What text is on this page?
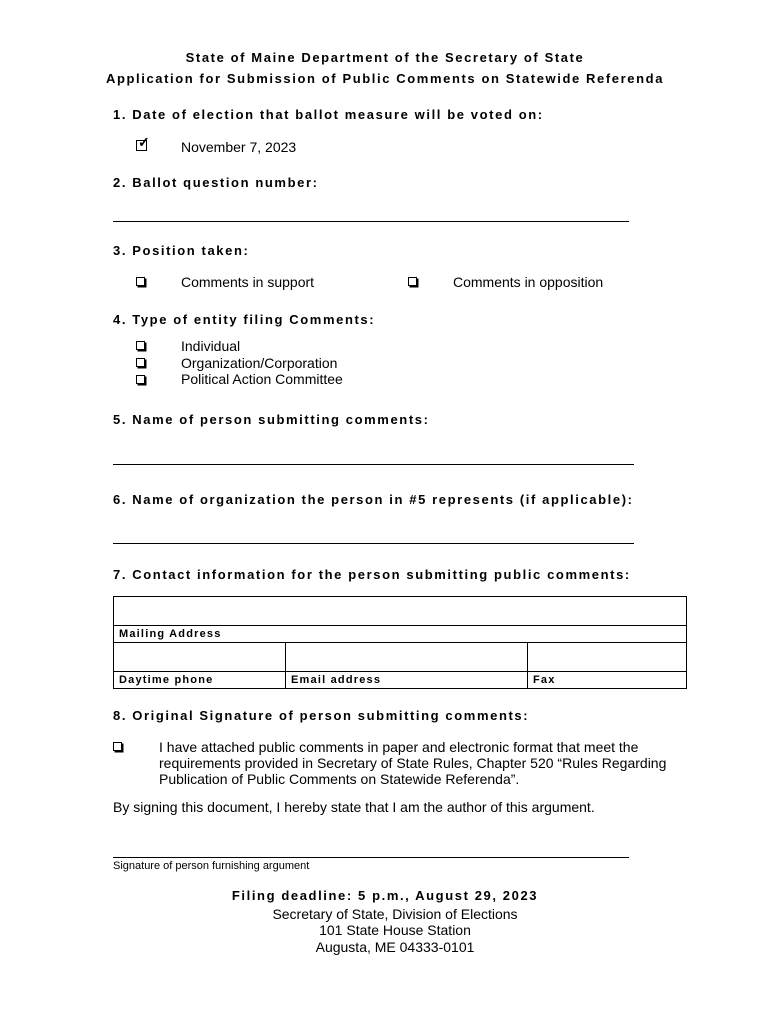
State of Maine Department of the Secretary of State
Application for Submission of Public Comments on Statewide Referenda
1. Date of election that ballot measure will be voted on:
✓ November 7, 2023
2. Ballot question number:
3. Position taken:
Comments in support	Comments in opposition
4. Type of entity filing Comments:
Individual
Organization/Corporation
Political Action Committee
5. Name of person submitting comments:
6. Name of organization the person in #5 represents (if applicable):
7. Contact information for the person submitting public comments:
Mailing Address
Daytime phone	Email address	Fax
8. Original Signature of person submitting comments:
I have attached public comments in paper and electronic format that meet the
requirements provided in Secretary of State Rules, Chapter 520 “Rules Regarding
Publication of Public Comments on Statewide Referenda”.
By signing this document, I hereby state that I am the author of this argument.
Signature of person furnishing argument
Filing deadline: 5 p.m., August 29, 2023
Secretary of State, Division of Elections
101 State House Station
Augusta, ME 04333-0101
